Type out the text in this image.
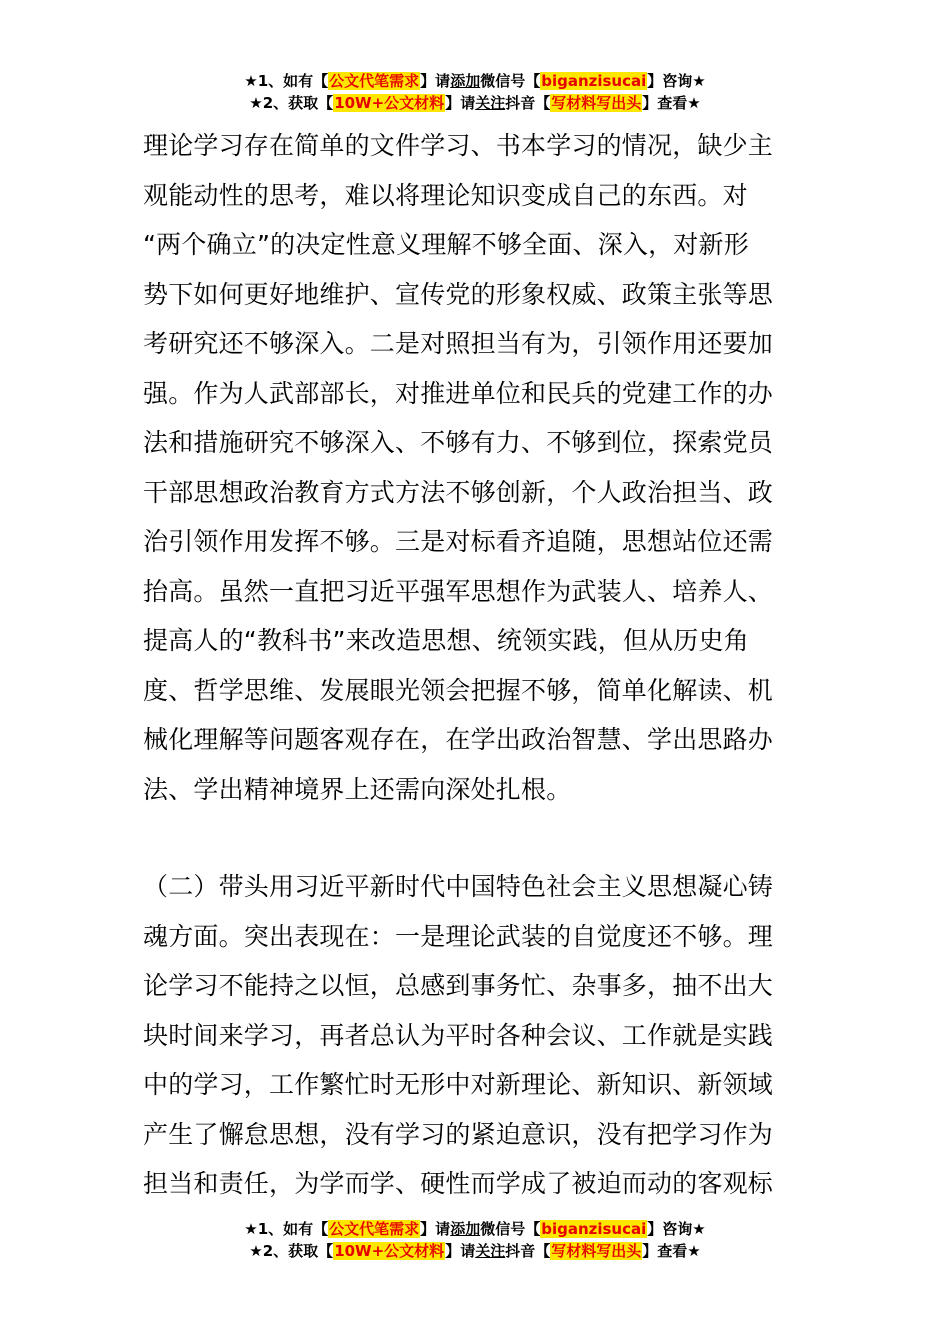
★1、如有【公文代笔需求】请添加微信号【biganzisucai】咨询★
★2、获取【10W+公文材料】请关注抖音【写材料写出头】查看★
理论学习存在简单的文件学习、书本学习的情况，缺少主
观能动性的思考，难以将理论知识变成自己的东西。对
“两个确立”的决定性意义理解不够全面、深入，对新形
势下如何更好地维护、宣传党的形象权威、政策主张等思
考研究还不够深入。二是对照担当有为，引领作用还要加
强。作为人武部部长，对推进单位和民兵的党建工作的办
法和措施研究不够深入、不够有力、不够到位，探索党员
干部思想政治教育方式方法不够创新，个人政治担当、政
治引领作用发挥不够。三是对标看齐追随，思想站位还需
抬高。虽然一直把习近平强军思想作为武装人、培养人、
提高人的“教科书”来改造思想、统领实践，但从历史角
度、哲学思维、发展眼光领会把握不够，简单化解读、机
械化理解等问题客观存在，在学出政治智慧、学出思路办
法、学出精神境界上还需向深处扎根。
（二）带头用习近平新时代中国特色社会主义思想凝心铸
魂方面。突出表现在：一是理论武装的自觉度还不够。理
论学习不能持之以恒，总感到事务忙、杂事多，抽不出大
块时间来学习，再者总认为平时各种会议、工作就是实践
中的学习，工作繁忙时无形中对新理论、新知识、新领域
产生了懈怠思想，没有学习的紧迫意识，没有把学习作为
担当和责任，为学而学、硬性而学成了被迫而动的客观标
★1、如有【公文代笔需求】请添加微信号【biganzisucai】咨询★
★2、获取【10W+公文材料】请关注抖音【写材料写出头】查看★
